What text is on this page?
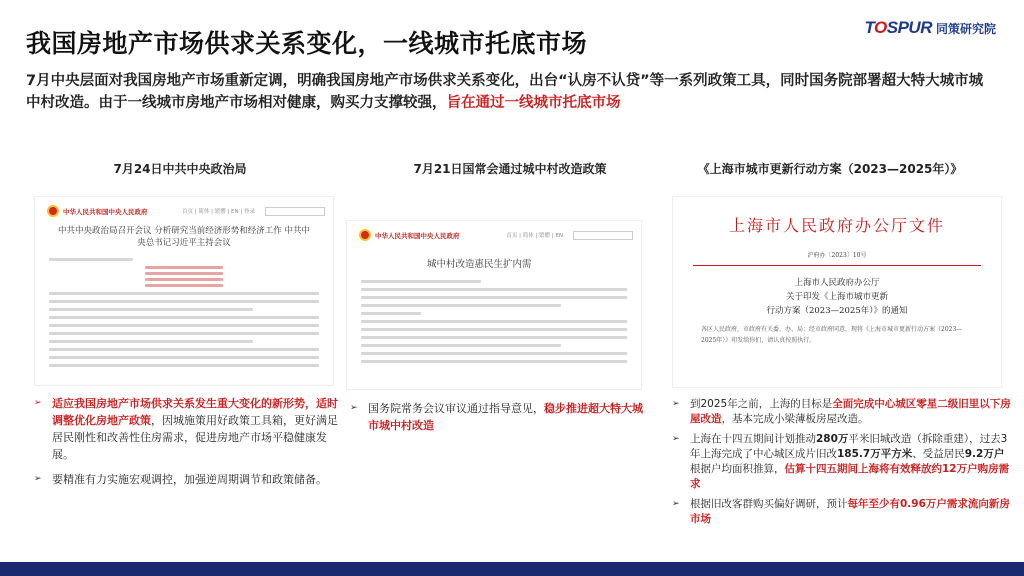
我国房地产市场供求关系变化，一线城市托底市场
TOSPUR 同策研究院
7月中央层面对我国房地产市场重新定调，明确我国房地产市场供求关系变化，出台“认房不认贷”等一系列政策工具，同时国务院部署超大特大城市城中村改造。由于一线城市房地产市场相对健康，购买力支撑较强，旨在通过一线城市托底市场
7月24日中共中央政治局	7月21日国常会通过城中村改造政策	《上海市城市更新行动方案（2023—2025年）》
中华人民共和国中央人民政府	首页 | 简体 | 繁體 | EN | 登录
中共中央政治局召开会议 分析研究当前经济形势和经济工作 中共中央总书记习近平主持会议
中华人民共和国中央人民政府	首页 | 简体 | 繁體 | EN
城中村改造惠民生扩内需
上海市人民政府办公厅文件
沪府办〔2023〕10号
上海市人民政府办公厅
关于印发《上海市城市更新
行动方案（2023—2025年）》的通知
各区人民政府，市政府有关委、办、局：经市政府同意，现将《上海市城市更新行动方案（2023—2025年）》印发给你们，请认真按照执行。
➢ 适应我国房地产市场供求关系发生重大变化的新形势，适时调整优化房地产政策，因城施策用好政策工具箱，更好满足居民刚性和改善性住房需求，促进房地产市场平稳健康发展。
➢ 要精准有力实施宏观调控，加强逆周期调节和政策储备。
➢ 国务院常务会议审议通过指导意见，稳步推进超大特大城市城中村改造
➢ 到2025年之前，上海的目标是全面完成中心城区零星二级旧里以下房屋改造，基本完成小梁薄板房屋改造。
➢ 上海在十四五期间计划推动280万平米旧城改造（拆除重建），过去3年上海完成了中心城区成片旧改185.7万平方米、受益居民9.2万户根据户均面积推算，估算十四五期间上海将有效释放约12万户购房需求
➢ 根据旧改客群购买偏好调研，预计每年至少有0.96万户需求流向新房市场
